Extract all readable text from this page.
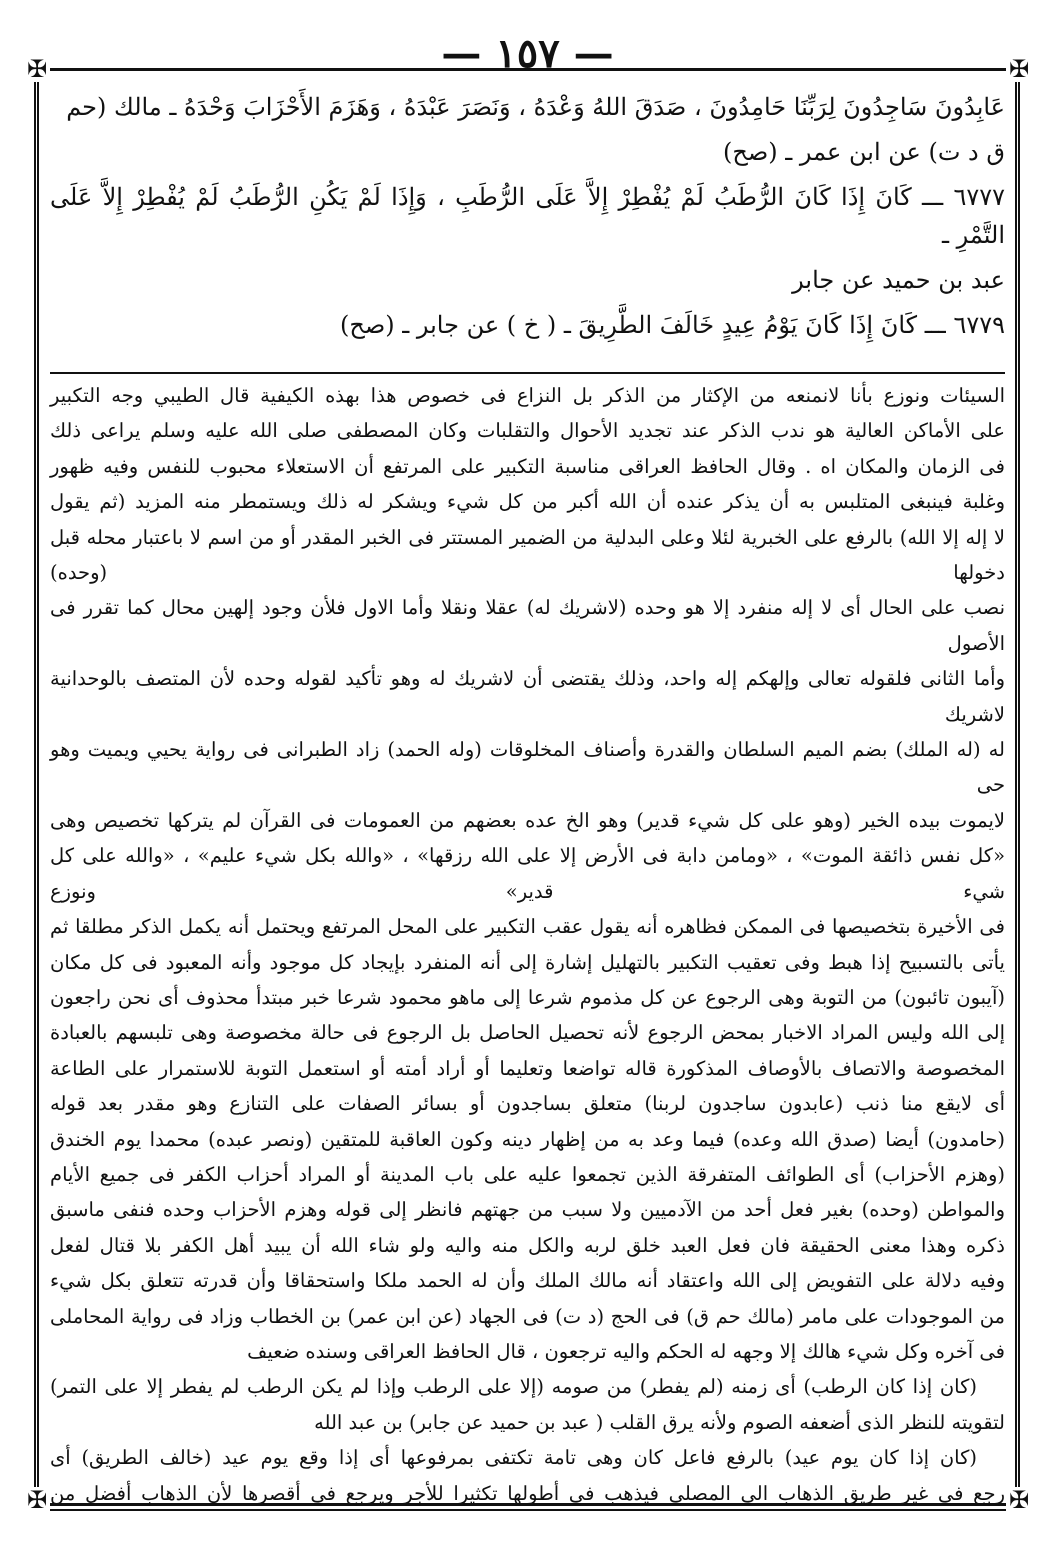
— ١٥٧ —
✠	✠
✠	✠
عَابِدُونَ سَاجِدُونَ لِرَبِّنَا حَامِدُونَ ، صَدَقَ اللهُ وَعْدَهُ ، وَنَصَرَ عَبْدَهُ ، وَهَزَمَ الأَحْزَابَ وَحْدَهُ ـ مالك (حم
ق د ت) عن ابن عمر ـ (صح)
٦٧٧٧ ـــ كَانَ إِذَا كَانَ الرُّطَبُ لَمْ يُفْطِرْ إِلاَّ عَلَى الرُّطَبِ ، وَإِذَا لَمْ يَكُنِ الرُّطَبُ لَمْ يُفْطِرْ إِلاَّ عَلَى التَّمْرِ ـ
عبد بن حميد عن جابر
٦٧٧٩ ـــ كَانَ إِذَا كَانَ يَوْمُ عِيدٍ خَالَفَ الطَّرِيقَ ـ ( خ ) عن جابر ـ (صح)

السيئات ونوزع بأنا لانمنعه من الإكثار من الذكر بل النزاع فى خصوص هذا بهذه الكيفية قال الطيبي وجه التكبير

على الأماكن العالية هو ندب الذكر عند تجديد الأحوال والتقلبات وكان المصطفى صلى الله عليه وسلم يراعى ذلك

فى الزمان والمكان اه . وقال الحافظ العراقى مناسبة التكبير على المرتفع أن الاستعلاء محبوب للنفس وفيه ظهور

وغلبة فينبغى المتلبس به أن يذكر عنده أن الله أكبر من كل شيء ويشكر له ذلك ويستمطر منه المزيد (ثم يقول

لا إله إلا الله) بالرفع على الخبرية لئلا وعلى البدلية من الضمير المستتر فى الخبر المقدر أو من اسم لا باعتبار محله قبل دخولها (وحده)

نصب على الحال أى لا إله منفرد إلا هو وحده (لاشريك له) عقلا ونقلا وأما الاول فلأن وجود إلهين محال كما تقرر فى الأصول

وأما الثانى فلقوله تعالى وإلهكم إله واحد، وذلك يقتضى أن لاشريك له وهو تأكيد لقوله وحده لأن المتصف بالوحدانية لاشريك

له (له الملك) بضم الميم السلطان والقدرة وأصناف المخلوقات (وله الحمد) زاد الطبرانى فى رواية يحيي ويميت وهو حى

لايموت بيده الخير (وهو على كل شيء قدير) وهو الخ عده بعضهم من العمومات فى القرآن لم يتركها تخصيص وهى

«كل نفس ذائقة الموت» ، «ومامن دابة فى الأرض إلا على الله رزقها» ، «والله بكل شيء عليم» ، «والله على كل شيء قدير» ونوزع

فى الأخيرة بتخصيصها فى الممكن فظاهره أنه يقول عقب التكبير على المحل المرتفع ويحتمل أنه يكمل الذكر مطلقا ثم

يأتى بالتسبيح إذا هبط وفى تعقيب التكبير بالتهليل إشارة إلى أنه المنفرد بإيجاد كل موجود وأنه المعبود فى كل مكان

(آيبون تائبون) من التوبة وهى الرجوع عن كل مذموم شرعا إلى ماهو محمود شرعا خبر مبتدأ محذوف أى نحن راجعون

إلى الله وليس المراد الاخبار بمحض الرجوع لأنه تحصيل الحاصل بل الرجوع فى حالة مخصوصة وهى تلبسهم بالعبادة

المخصوصة والاتصاف بالأوصاف المذكورة قاله تواضعا وتعليما أو أراد أمته أو استعمل التوبة للاستمرار على الطاعة

أى لايقع منا ذنب (عابدون ساجدون لربنا) متعلق بساجدون أو بسائر الصفات على التنازع وهو مقدر بعد قوله

(حامدون) أيضا (صدق الله وعده) فيما وعد به من إظهار دينه وكون العاقبة للمتقين (ونصر عبده) محمدا يوم الخندق

(وهزم الأحزاب) أى الطوائف المتفرقة الذين تجمعوا عليه على باب المدينة أو المراد أحزاب الكفر فى جميع الأيام

والمواطن (وحده) بغير فعل أحد من الآدميين ولا سبب من جهتهم فانظر إلى قوله وهزم الأحزاب وحده فنفى ماسبق

ذكره وهذا معنى الحقيقة فان فعل العبد خلق لربه والكل منه واليه ولو شاء الله أن يبيد أهل الكفر بلا قتال لفعل

وفيه دلالة على التفويض إلى الله واعتقاد أنه مالك الملك وأن له الحمد ملكا واستحقاقا وأن قدرته تتعلق بكل شيء

من الموجودات على مامر (مالك حم ق) فى الحج (د ت) فى الجهاد (عن ابن عمر) بن الخطاب وزاد فى رواية المحاملى

فى آخره وكل شيء هالك إلا وجهه له الحكم واليه ترجعون ، قال الحافظ العراقى وسنده ضعيف

(كان إذا كان الرطب) أى زمنه (لم يفطر) من صومه (إلا على الرطب وإذا لم يكن الرطب لم يفطر إلا على التمر)

لتقويته للنظر الذى أضعفه الصوم ولأنه يرق القلب ( عبد بن حميد عن جابر) بن عبد الله

(كان إذا كان يوم عيد) بالرفع فاعل كان وهى تامة تكتفى بمرفوعها أى إذا وقع يوم عيد (خالف الطريق) أى

رجع فى غير طريق الذهاب الى المصلى فيذهب فى أطولها تكثيرا للأجر ويرجع فى أقصرها لأن الذهاب أفضل من
